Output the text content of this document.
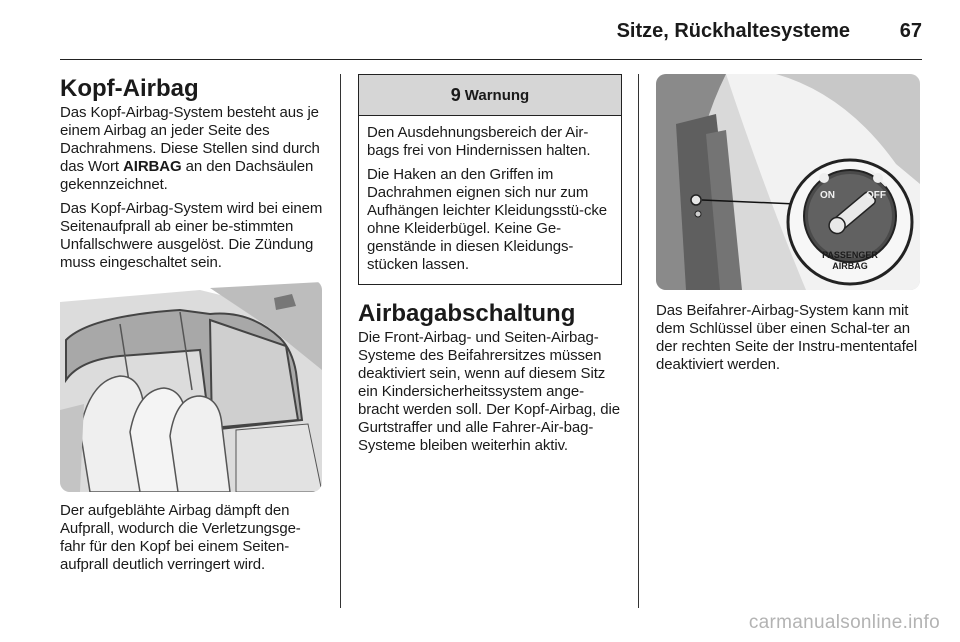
Sitze, Rückhaltesysteme	67
Kopf-Airbag

Das Kopf-Airbag-System besteht aus je einem Airbag an jeder Seite des Dachrahmens. Diese Stellen sind durch das Wort AIRBAG an den Dachsäulen gekennzeichnet.

Das Kopf-Airbag-System wird bei einem Seitenaufprall ab einer be-stimmten Unfallschwere ausgelöst. Die Zündung muss eingeschaltet sein.

Der aufgeblähte Airbag dämpft den Aufprall, wodurch die Verletzungsge-fahr für den Kopf bei einem Seiten-aufprall deutlich verringert wird.

9 Warnung

Den Ausdehnungsbereich der Air-bags frei von Hindernissen halten.

Die Haken an den Griffen im Dachrahmen eignen sich nur zum Aufhängen leichter Kleidungsstü-cke ohne Kleiderbügel. Keine Ge-genstände in diesen Kleidungs-stücken lassen.

Airbagabschaltung

Die Front-Airbag- und Seiten-Airbag-Systeme des Beifahrersitzes müssen deaktiviert sein, wenn auf diesem Sitz ein Kindersicherheitssystem ange-bracht werden soll. Der Kopf-Airbag, die Gurtstraffer und alle Fahrer-Air-bag-Systeme bleiben weiterhin aktiv.

ON	OFF
PASSENGER
AIRBAG

Das Beifahrer-Airbag-System kann mit dem Schlüssel über einen Schal-ter an der rechten Seite der Instru-mententafel deaktiviert werden.

carmanualsonline.info
